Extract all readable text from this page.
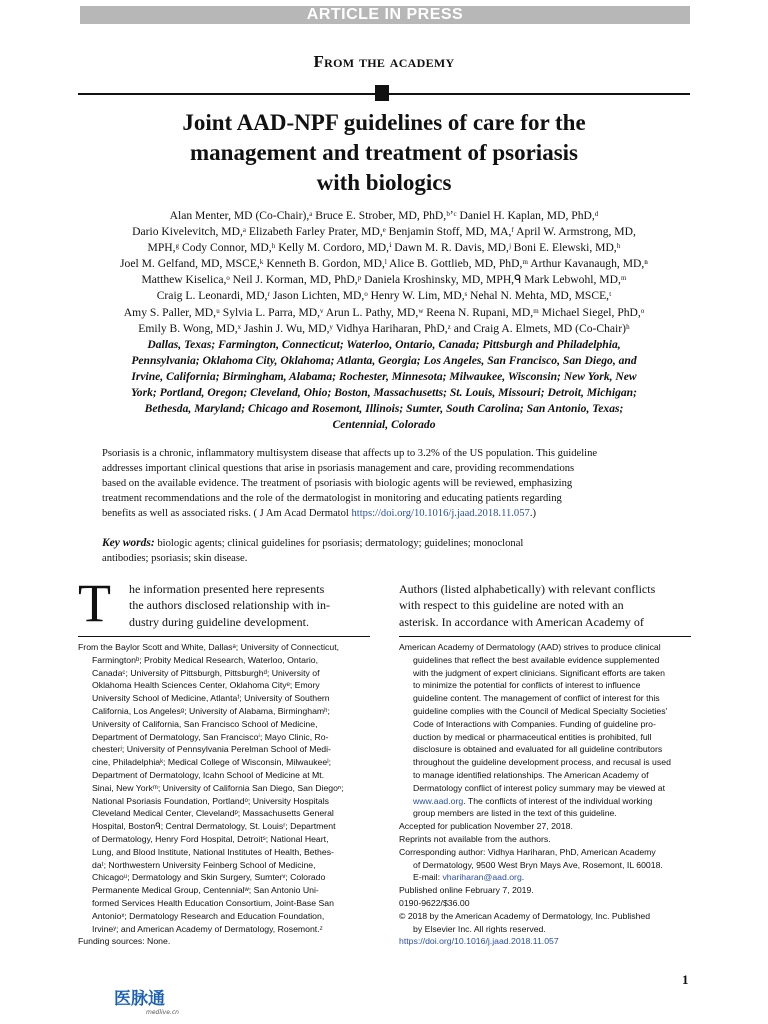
ARTICLE IN PRESS
From the academy
Joint AAD-NPF guidelines of care for the
management and treatment of psoriasis
with biologics
Alan Menter, MD (Co-Chair),ᵃ Bruce E. Strober, MD, PhD,ᵇʼᶜ Daniel H. Kaplan, MD, PhD,ᵈ
Dario Kivelevitch, MD,ᵃ Elizabeth Farley Prater, MD,ᵉ Benjamin Stoff, MD, MA,ᶠ April W. Armstrong, MD,
MPH,ᵍ Cody Connor, MD,ʰ Kelly M. Cordoro, MD,ⁱ Dawn M. R. Davis, MD,ʲ Boni E. Elewski, MD,ʰ
Joel M. Gelfand, MD, MSCE,ᵏ Kenneth B. Gordon, MD,ˡ Alice B. Gottlieb, MD, PhD,ᵐ Arthur Kavanaugh, MD,ⁿ
Matthew Kiselica,ᵒ Neil J. Korman, MD, PhD,ᵖ Daniela Kroshinsky, MD, MPH,ᑫ Mark Lebwohl, MD,ᵐ
Craig L. Leonardi, MD,ʳ Jason Lichten, MD,ᵒ Henry W. Lim, MD,ˢ Nehal N. Mehta, MD, MSCE,ᵗ
Amy S. Paller, MD,ᵘ Sylvia L. Parra, MD,ᵛ Arun L. Pathy, MD,ʷ Reena N. Rupani, MD,ᵐ Michael Siegel, PhD,ᵒ
Emily B. Wong, MD,ˣ Jashin J. Wu, MD,ʸ Vidhya Hariharan, PhD,ᶻ and Craig A. Elmets, MD (Co-Chair)ʰ
Dallas, Texas; Farmington, Connecticut; Waterloo, Ontario, Canada; Pittsburgh and Philadelphia,
Pennsylvania; Oklahoma City, Oklahoma; Atlanta, Georgia; Los Angeles, San Francisco, San Diego, and
Irvine, California; Birmingham, Alabama; Rochester, Minnesota; Milwaukee, Wisconsin; New York, New
York; Portland, Oregon; Cleveland, Ohio; Boston, Massachusetts; St. Louis, Missouri; Detroit, Michigan;
Bethesda, Maryland; Chicago and Rosemont, Illinois; Sumter, South Carolina; San Antonio, Texas;
Centennial, Colorado
Psoriasis is a chronic, inflammatory multisystem disease that affects up to 3.2% of the US population. This guideline
addresses important clinical questions that arise in psoriasis management and care, providing recommendations
based on the available evidence. The treatment of psoriasis with biologic agents will be reviewed, emphasizing
treatment recommendations and the role of the dermatologist in monitoring and educating patients regarding
benefits as well as associated risks. ( J Am Acad Dermatol https://doi.org/10.1016/j.jaad.2018.11.057.)
Key words: biologic agents; clinical guidelines for psoriasis; dermatology; guidelines; monoclonal
antibodies; psoriasis; skin disease.
T	he information presented here represents
the authors disclosed relationship with in-
dustry during guideline development.
Authors (listed alphabetically) with relevant conflicts
with respect to this guideline are noted with an
asterisk. In accordance with American Academy of
From the Baylor Scott and White, Dallasᵃ; University of Connecticut,
Farmingtonᵇ; Probity Medical Research, Waterloo, Ontario,
Canadaᶜ; University of Pittsburgh, Pittsburghᵈ; University of
Oklahoma Health Sciences Center, Oklahoma Cityᵉ; Emory
University School of Medicine, Atlantaᶠ; University of Southern
California, Los Angelesᵍ; University of Alabama, Birminghamʰ;
University of California, San Francisco School of Medicine,
Department of Dermatology, San Franciscoⁱ; Mayo Clinic, Ro-
chesterʲ; University of Pennsylvania Perelman School of Medi-
cine, Philadelphiaᵏ; Medical College of Wisconsin, Milwaukeeˡ;
Department of Dermatology, Icahn School of Medicine at Mt.
Sinai, New Yorkᵐ; University of California San Diego, San Diegoⁿ;
National Psoriasis Foundation, Portlandᵒ; University Hospitals
Cleveland Medical Center, Clevelandᵖ; Massachusetts General
Hospital, Bostonᑫ; Central Dermatology, St. Louisʳ; Department
of Dermatology, Henry Ford Hospital, Detroitˢ; National Heart,
Lung, and Blood Institute, National Institutes of Health, Bethes-
daᵗ; Northwestern University Feinberg School of Medicine,
Chicagoᵘ; Dermatology and Skin Surgery, Sumterᵛ; Colorado
Permanente Medical Group, Centennialʷ; San Antonio Uni-
formed Services Health Education Consortium, Joint-Base San
Antonioˣ; Dermatology Research and Education Foundation,
Irvineʸ; and American Academy of Dermatology, Rosemont.ᶻ
Funding sources: None.
American Academy of Dermatology (AAD) strives to produce clinical
guidelines that reflect the best available evidence supplemented
with the judgment of expert clinicians. Significant efforts are taken
to minimize the potential for conflicts of interest to influence
guideline content. The management of conflict of interest for this
guideline complies with the Council of Medical Specialty Societies'
Code of Interactions with Companies. Funding of guideline pro-
duction by medical or pharmaceutical entities is prohibited, full
disclosure is obtained and evaluated for all guideline contributors
throughout the guideline development process, and recusal is used
to manage identified relationships. The American Academy of
Dermatology conflict of interest policy summary may be viewed at
www.aad.org. The conflicts of interest of the individual working
group members are listed in the text of this guideline.
Accepted for publication November 27, 2018.
Reprints not available from the authors.
Corresponding author: Vidhya Hariharan, PhD, American Academy
of Dermatology, 9500 West Bryn Mays Ave, Rosemont, IL 60018.
E-mail: vhariharan@aad.org.
Published online February 7, 2019.
0190-9622/$36.00
© 2018 by the American Academy of Dermatology, Inc. Published
by Elsevier Inc. All rights reserved.
https://doi.org/10.1016/j.jaad.2018.11.057
1
医脉通
medlive.cn
